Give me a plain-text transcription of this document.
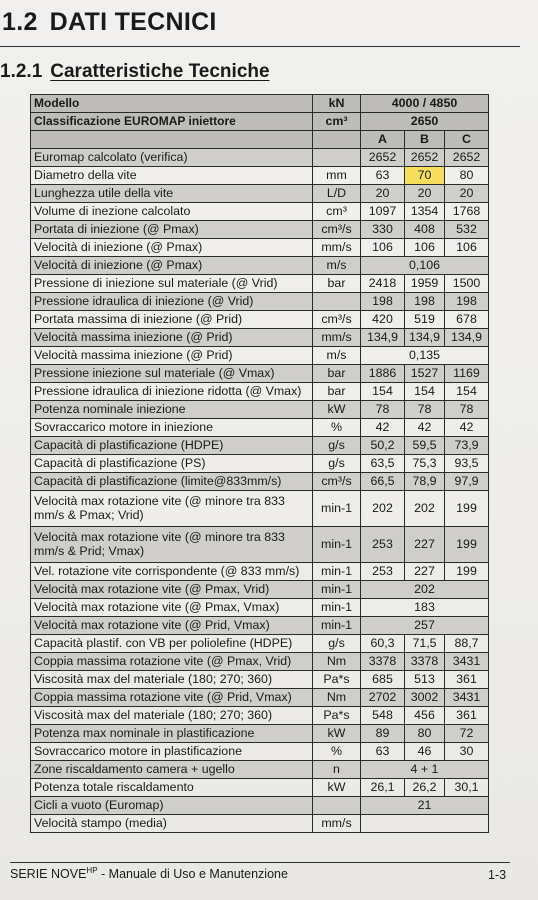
1.2 DATI TECNICI
1.2.1 Caratteristiche Tecniche
Modello	kN	4000 / 4850		
Classificazione EUROMAP iniettore	cm³	2650		
		A	B	C
Euromap calcolato (verifica)		2652	2652	2652
Diametro della vite	mm	63	70	80
Lunghezza utile della vite	L/D	20	20	20
Volume di inezione calcolato	cm³	1097	1354	1768
Portata di iniezione (@ Pmax)	cm³/s	330	408	532
Velocità di iniezione (@ Pmax)	mm/s	106	106	106
Velocità di iniezione (@ Pmax)	m/s	0,106		
Pressione di iniezione sul materiale (@ Vrid)	bar	2418	1959	1500
Pressione idraulica di iniezione (@ Vrid)		198	198	198
Portata massima di iniezione (@ Prid)	cm³/s	420	519	678
Velocità massima iniezione (@ Prid)	mm/s	134,9	134,9	134,9
Velocità massima iniezione (@ Prid)	m/s	0,135		
Pressione iniezione sul materiale (@ Vmax)	bar	1886	1527	1169
Pressione idraulica di iniezione ridotta (@ Vmax)	bar	154	154	154
Potenza nominale iniezione	kW	78	78	78
Sovraccarico motore in iniezione	%	42	42	42
Capacità di plastificazione (HDPE)	g/s	50,2	59,5	73,9
Capacità di plastificazione (PS)	g/s	63,5	75,3	93,5
Capacità di plastificazione (limite@833mm/s)	cm³/s	66,5	78,9	97,9
Velocità max rotazione vite (@ minore tra 833 mm/s & Pmax; Vrid)	min-1	202	202	199
Velocità max rotazione vite (@ minore tra 833 mm/s & Prid; Vmax)	min-1	253	227	199
Vel. rotazione vite corrispondente (@ 833 mm/s)	min-1	253	227	199
Velocità max rotazione vite (@ Pmax, Vrid)	min-1	202		
Velocità max rotazione vite (@ Pmax, Vmax)	min-1	183		
Velocità max rotazione vite (@ Prid, Vmax)	min-1	257		
Capacità plastif. con VB per poliolefine (HDPE)	g/s	60,3	71,5	88,7
Coppia massima rotazione vite (@ Pmax, Vrid)	Nm	3378	3378	3431
Viscosità max del materiale (180; 270; 360)	Pa*s	685	513	361
Coppia massima rotazione vite (@ Prid, Vmax)	Nm	2702	3002	3431
Viscosità max del materiale (180; 270; 360)	Pa*s	548	456	361
Potenza max nominale in plastificazione	kW	89	80	72
Sovraccarico motore in plastificazione	%	63	46	30
Zone riscaldamento camera + ugello	n	4 + 1		
Potenza totale riscaldamento	kW	26,1	26,2	30,1
Cicli a vuoto (Euromap)		21		
Velocità stampo (media)	mm/s			
SERIE $NOVE^{HP}$ - Manuale di Uso e Manutenzione	1-3
